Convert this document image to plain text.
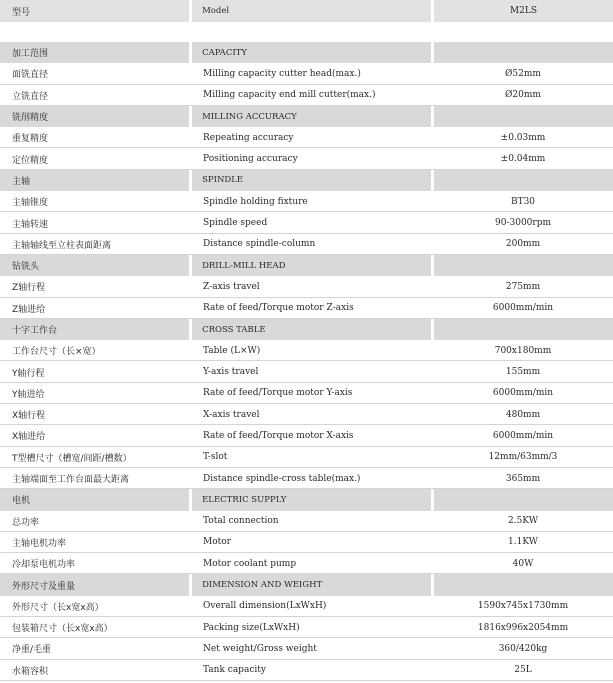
型号	Model	M2LS
加工范围	CAPACITY
面铣直径	Milling capacity cutter head(max.)	Ø52mm
立铣直径	Milling capacity end mill cutter(max.)	Ø20mm
铣削精度	MILLING ACCURACY
重复精度	Repeating accuracy	±0.03mm
定位精度	Positioning accuracy	±0.04mm
主轴	SPINDLE
主轴锥度	Spindle holding fixture	BT30
主轴转速	Spindle speed	90-3000rpm
主轴轴线至立柱表面距离	Distance spindle-column	200mm
钻铣头	DRILL-MILL HEAD
Z轴行程	Z-axis travel	275mm
Z轴进给	Rate of feed/Torque motor Z-axis	6000mm/min
十字工作台	CROSS TABLE
工作台尺寸（长×宽）	Table (L×W)	700x180mm
Y轴行程	Y-axis travel	155mm
Y轴进给	Rate of feed/Torque motor Y-axis	6000mm/min
X轴行程	X-axis travel	480mm
X轴进给	Rate of feed/Torque motor X-axis	6000mm/min
T型槽尺寸（槽宽/间距/槽数）	T-slot	12mm/63mm/3
主轴端面至工作台面最大距离	Distance spindle-cross table(max.)	365mm
电机	ELECTRIC SUPPLY
总功率	Total connection	2.5KW
主轴电机功率	Motor	1.1KW
冷却泵电机功率	Motor coolant pump	40W
外形尺寸及重量	DIMENSION AND WEIGHT
外形尺寸（长x宽x高）	Overall dimension(LxWxH)	1590x745x1730mm
包装箱尺寸（长x宽x高）	Packing size(LxWxH)	1816x996x2054mm
净重/毛重	Net weight/Gross weight	360/420kg
水箱容积	Tank capacity	25L
